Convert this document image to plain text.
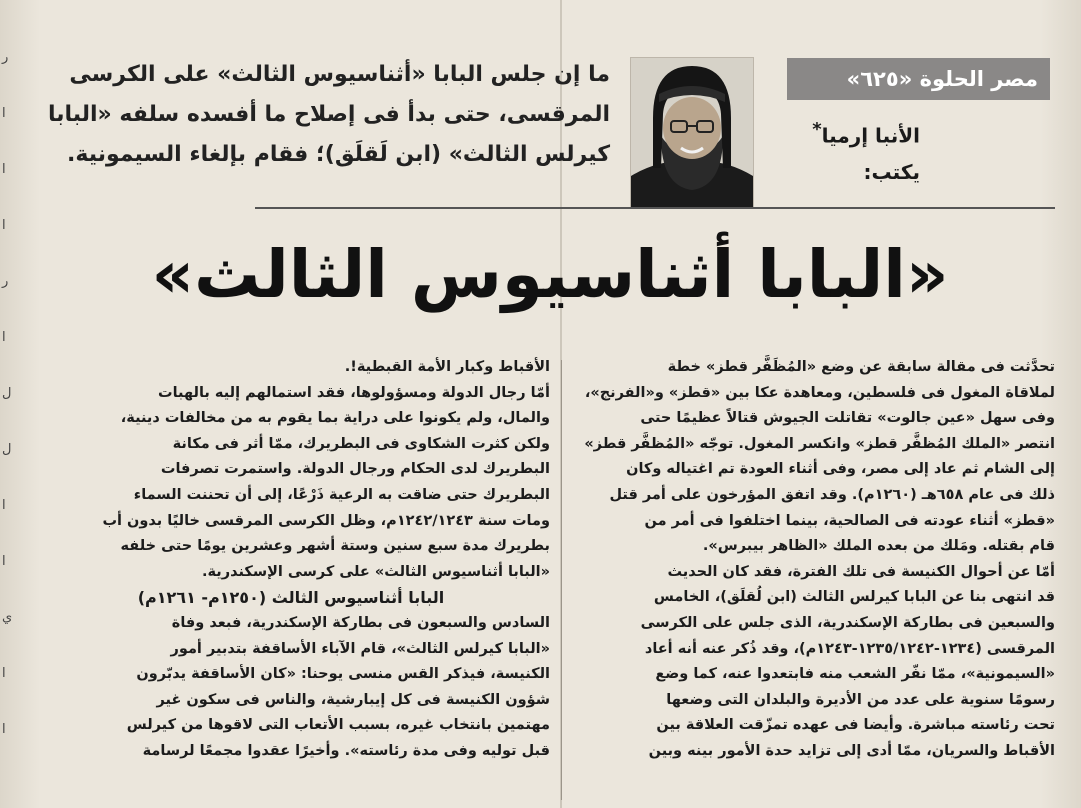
ر
ا
ا
ا
ر
ا
ل
ل
ا
ا
ي
ا
ا
مصر الحلوة «٦٢٥»
الأنبا إرميا*
يكتب:
ما إن جلس البابا «أثناسيوس الثالث» على الكرسى
المرقسى، حتى بدأ فى إصلاح ما أفسده سلفه «البابا
كيرلس الثالث» (ابن لَقلَق)؛ فقام بإلغاء السيمونية.
«البابا أثناسيوس الثالث»

تحدَّثت فى مقالة سابقة عن وضع «المُظَفَّر قطز» خطة

لملاقاة المغول فى فلسطين، ومعاهدة عكا بين «قطز» و«الفرنج»،

وفى سهل «عين جالوت» تقاتلت الجيوش قتالاً عظيمًا حتى

انتصر «الملك المُظفَّر قطز» وانكسر المغول. توجّه «المُظفَّر قطز»

إلى الشام ثم عاد إلى مصر، وفى أثناء العودة تم اغتياله وكان

ذلك فى عام ٦٥٨هـ (١٢٦٠م). وقد اتفق المؤرخون على أمر قتل

«قطز» أثناء عودته فى الصالحية، بينما اختلفوا فى أمر من

قام بقتله. ومَلك من بعده الملك «الظاهر بيبرس».

أمّا عن أحوال الكنيسة فى تلك الفترة، فقد كان الحديث

قد انتهى بنا عن البابا كيرلس الثالث (ابن لُقلَق)، الخامس

والسبعين فى بطاركة الإسكندرية، الذى جلس على الكرسى

المرقسى (١٢٣٤-١٢٣٥/١٢٤٢-١٢٤٣م)، وقد ذُكر عنه أنه أعاد

«السيمونية»، ممّا نفّر الشعب منه فابتعدوا عنه، كما وضع

رسومًا سنوية على عدد من الأديرة والبلدان التى وضعها

تحت رئاسته مباشرة. وأيضا فى عهده تمزّقت العلاقة بين

الأقباط والسريان، ممّا أدى إلى تزايد حدة الأمور بينه وبين

الأقباط وكبار الأمة القبطية!.

أمّا رجال الدولة ومسؤولوها، فقد استمالهم إليه بالهبات

والمال، ولم يكونوا على دراية بما يقوم به من مخالفات دينية،

ولكن كثرت الشكاوى فى البطريرك، ممّا أثر فى مكانة

البطريرك لدى الحكام ورجال الدولة. واستمرت تصرفات

البطريرك حتى ضاقت به الرعية ذَرْعًا، إلى أن تحننت السماء

ومات سنة ١٢٤٢/١٢٤٣م، وظل الكرسى المرقسى خاليًا بدون أب

بطريرك مدة سبع سنين وستة أشهر وعشرين يومًا حتى خلفه

«البابا أثناسيوس الثالث» على كرسى الإسكندرية.

البابا أثناسيوس الثالث (١٢٥٠م- ١٢٦١م)

السادس والسبعون فى بطاركة الإسكندرية، فبعد وفاة

«البابا كيرلس الثالث»، قام الآباء الأساقفة بتدبير أمور

الكنيسة، فيذكر القس منسى يوحنا: «كان الأساقفة يدبّرون

شؤون الكنيسة فى كل إيبارشية، والناس فى سكون غير

مهتمين بانتخاب غيره، بسبب الأتعاب التى لاقوها من كيرلس

قبل توليه وفى مدة رئاسته». وأخيرًا عقدوا مجمعًا لرسامة
